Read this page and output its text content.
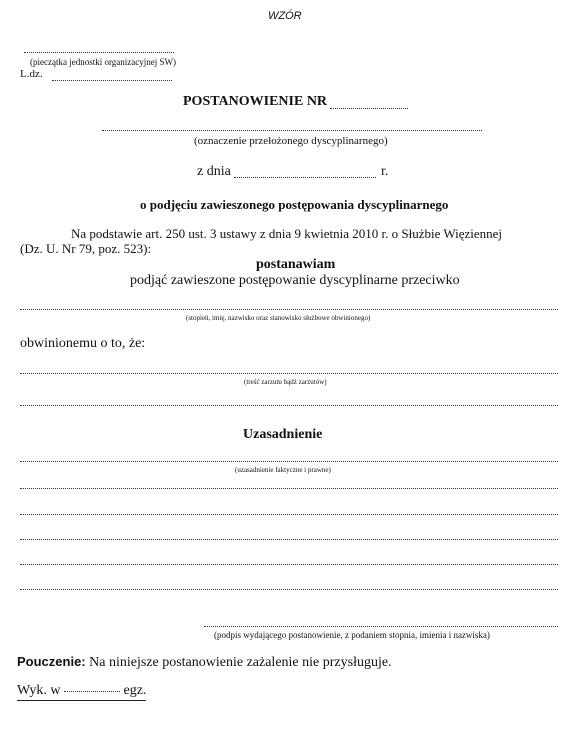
WZÓR
(pieczątka jednostki organizacyjnej SW)
L.dz.
POSTANOWIENIE NR
(oznaczenie przełożonego dyscyplinarnego)
z dnia	r.
o podjęciu zawieszonego postępowania dyscyplinarnego
Na podstawie art. 250 ust. 3 ustawy z dnia 9 kwietnia 2010 r. o Służbie Więziennej
(Dz. U. Nr 79, poz. 523):
postanawiam
podjąć zawieszone postępowanie dyscyplinarne przeciwko
(stopień, imię, nazwisko oraz stanowisko służbowe obwinionego)
obwinionemu o to, że:
(treść zarzutu bądź zarzutów)
Uzasadnienie
(uzasadnienie faktyczne i prawne)
(podpis wydającego postanowienie, z podaniem stopnia, imienia i nazwiska)
Pouczenie: Na niniejsze postanowienie zażalenie nie przysługuje.
Wyk. w	egz.
